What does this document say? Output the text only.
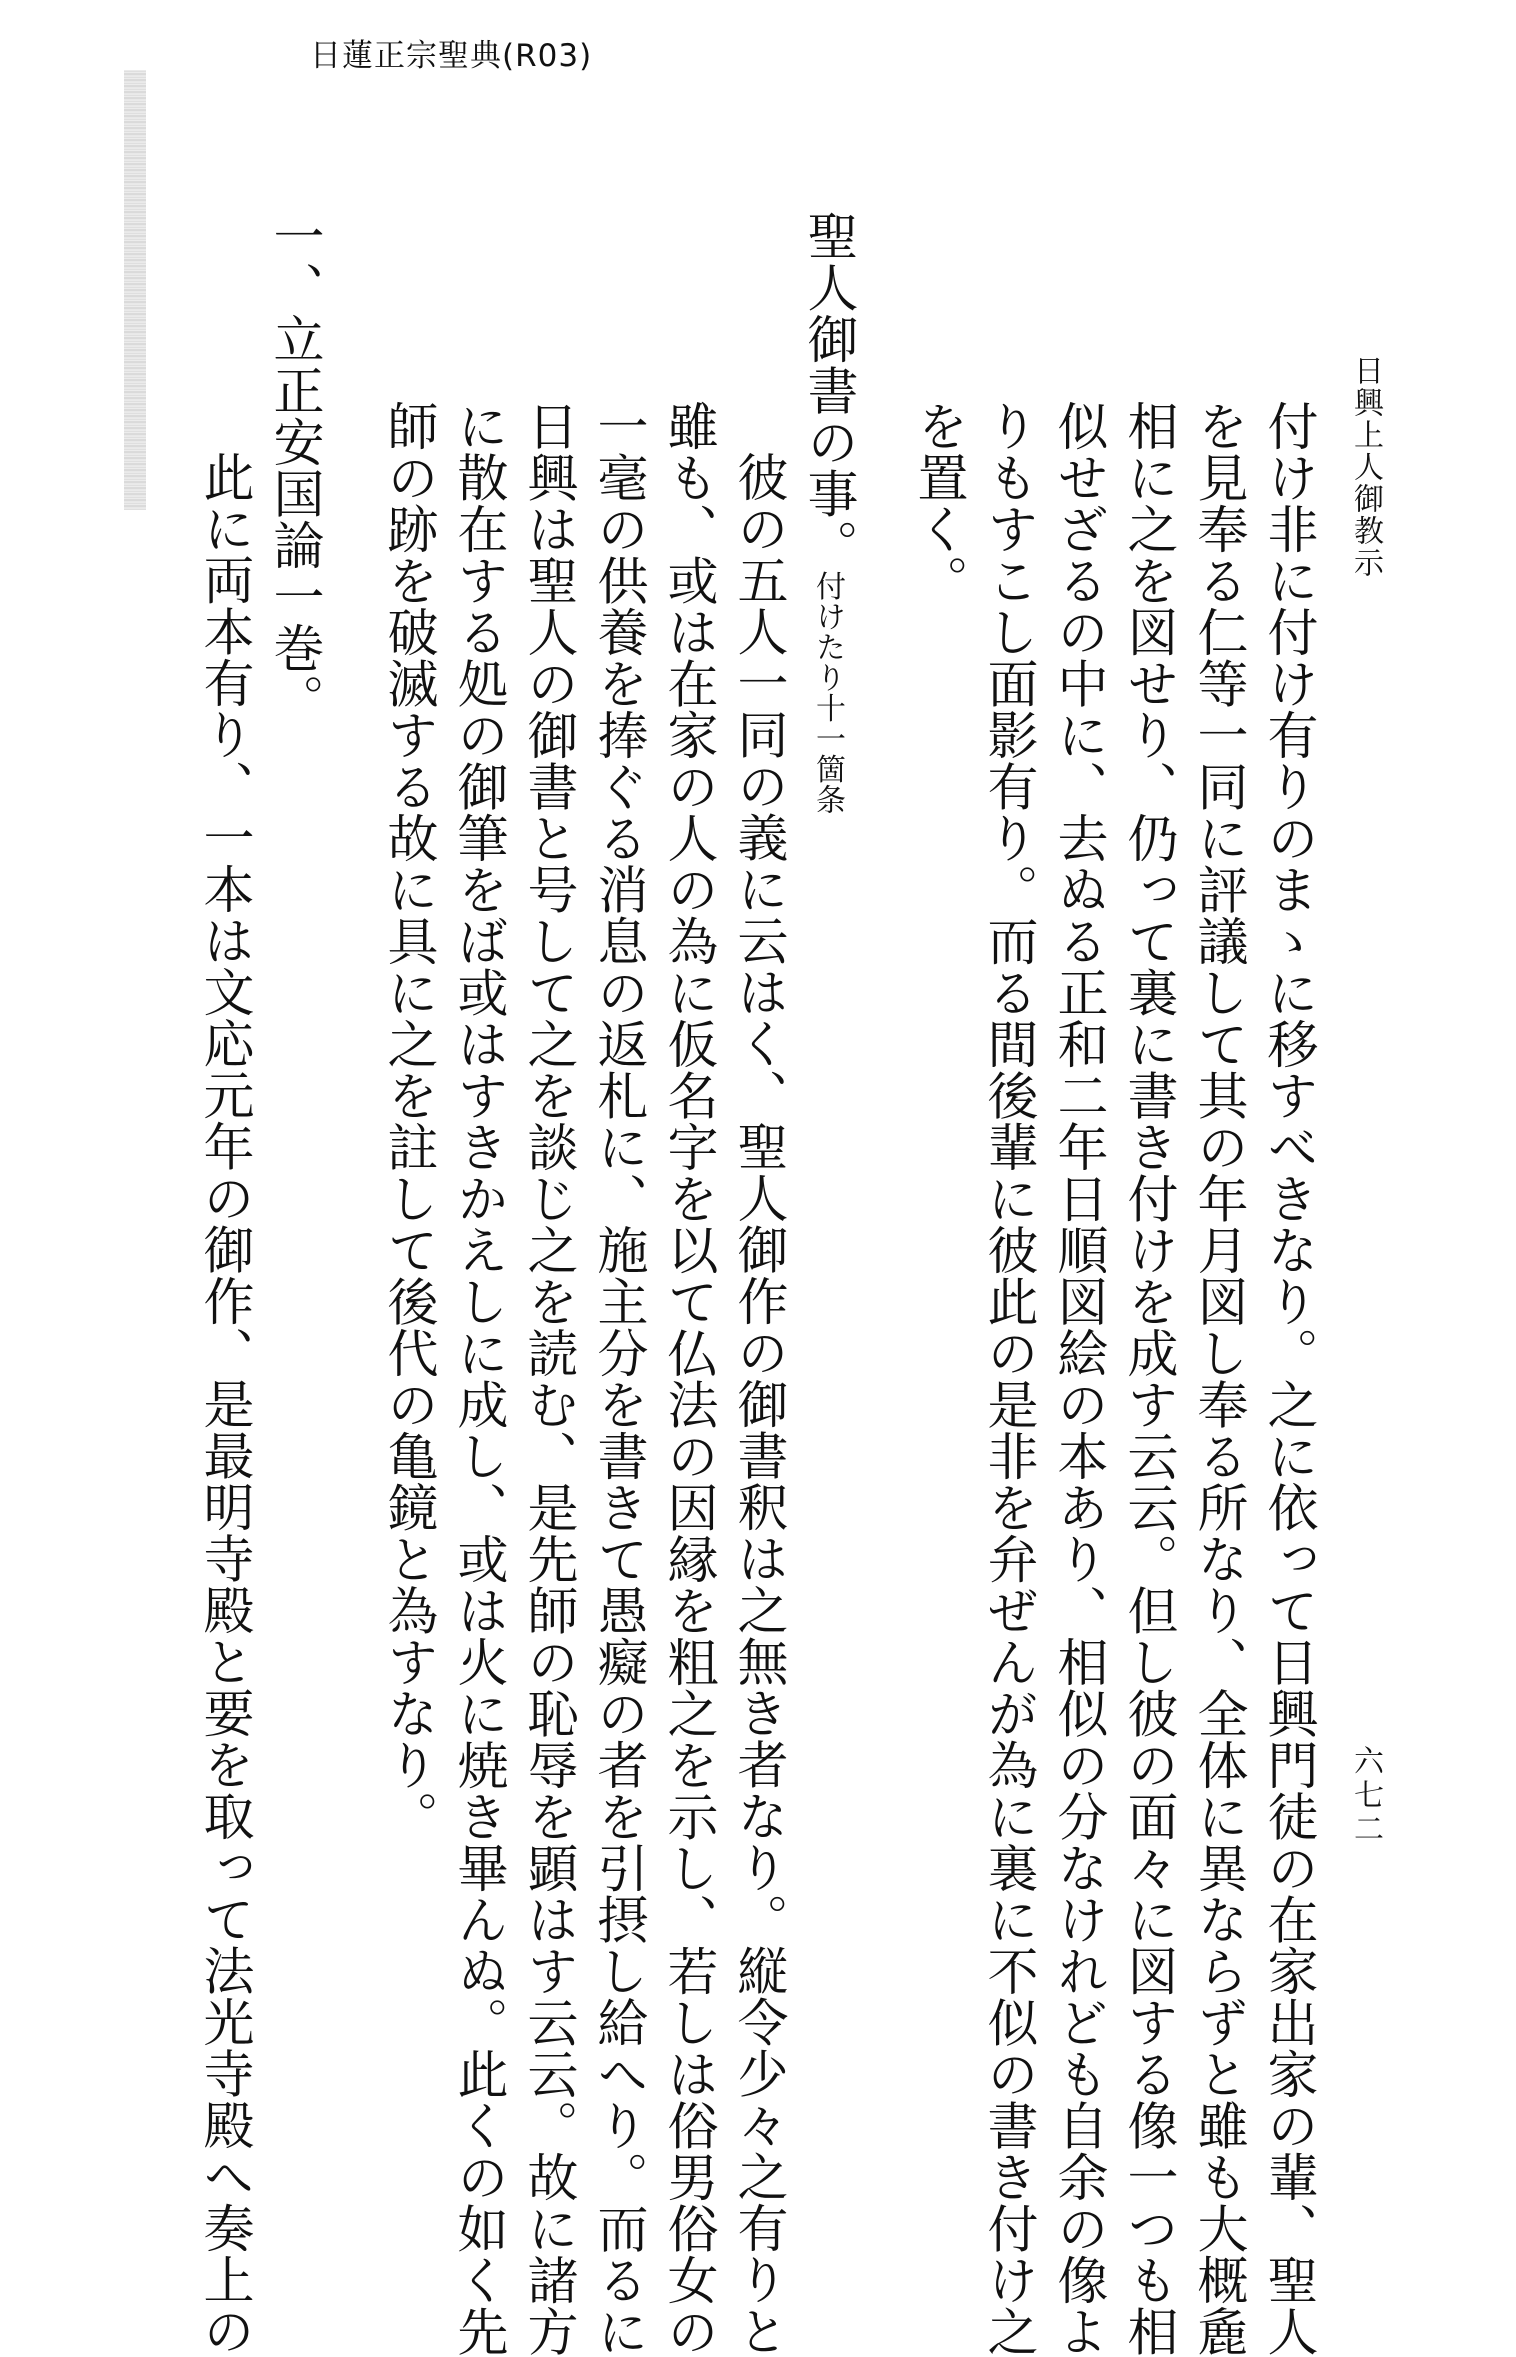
日蓮正宗聖典(R03)
日興上人御教示
六七二
付け非に付け有りのまゝに移すべきなり。之に依って日興門徒の在家出家の輩、聖人
を見奉る仁等一同に評議して其の年月図し奉る所なり、全体に異ならずと雖も大概麁
相に之を図せり、仍って裏に書き付けを成す云云。但し彼の面々に図する像一つも相
似せざるの中に、去ぬる正和二年日順図絵の本あり、相似の分なけれども自余の像よ
りもすこし面影有り。而る間後輩に彼此の是非を弁ぜんが為に裏に不似の書き付け之
を置く。
聖人御書の事。付けたり十一箇条
彼の五人一同の義に云はく、聖人御作の御書釈は之無き者なり。縦令少々之有りと
雖も、或は在家の人の為に仮名字を以て仏法の因縁を粗之を示し、若しは俗男俗女の
一毫の供養を捧ぐる消息の返札に、施主分を書きて愚癡の者を引摂し給へり。而るに
日興は聖人の御書と号して之を談じ之を読む、是先師の恥辱を顕はす云云。故に諸方
に散在する処の御筆をば或はすきかえしに成し、或は火に焼き畢んぬ。此くの如く先
師の跡を破滅する故に具に之を註して後代の亀鏡と為すなり。
一、立正安国論一巻。
此に両本有り、一本は文応元年の御作、是最明寺殿と要を取って法光寺殿へ奏上の
